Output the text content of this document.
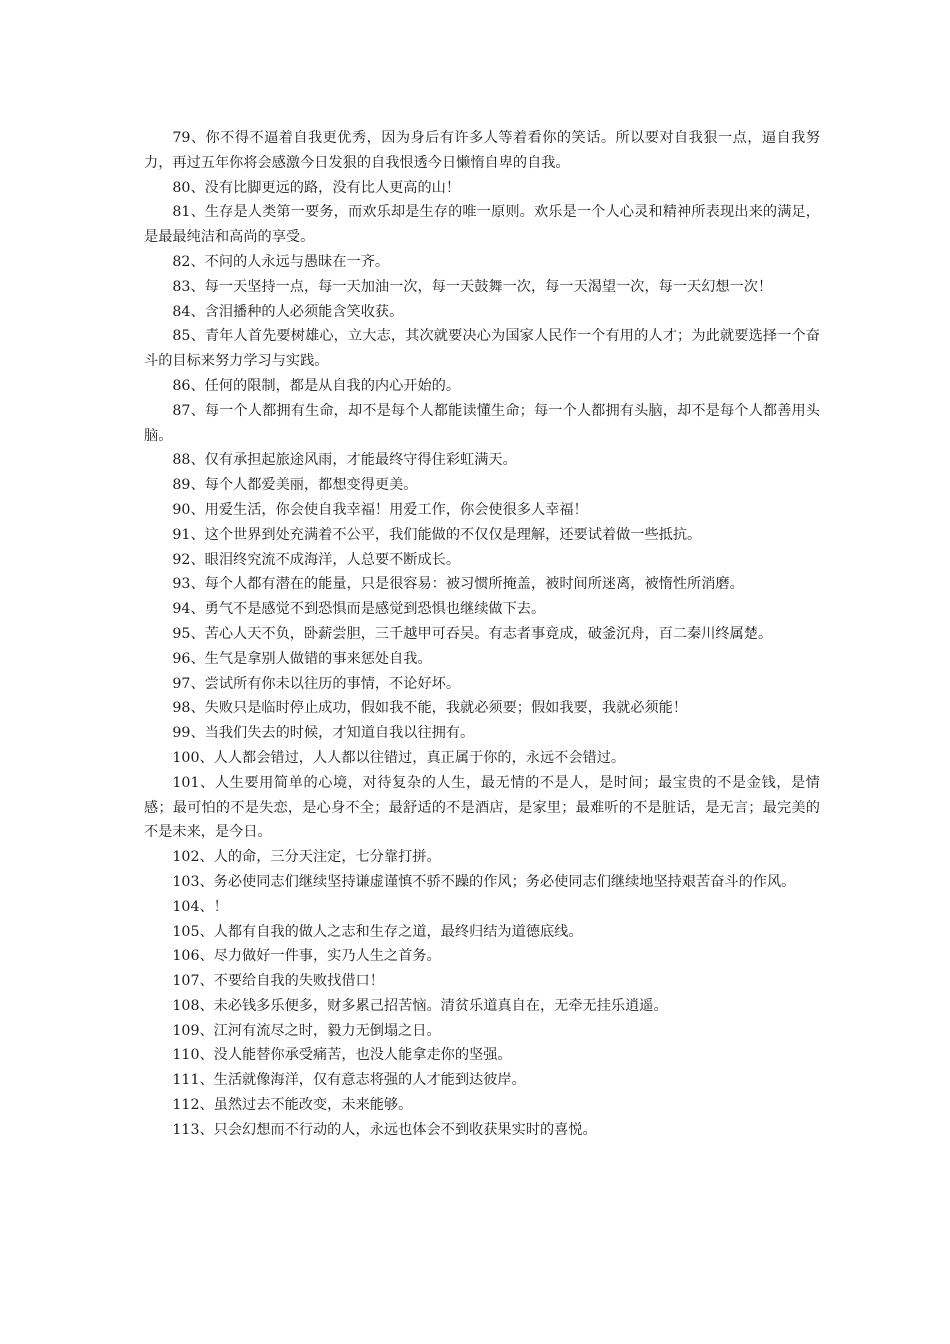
79、你不得不逼着自我更优秀，因为身后有许多人等着看你的笑话。所以要对自我狠一点，逼自我努力，再过五年你将会感激今日发狠的自我恨透今日懒惰自卑的自我。

80、没有比脚更远的路，没有比人更高的山！

81、生存是人类第一要务，而欢乐却是生存的唯一原则。欢乐是一个人心灵和精神所表现出来的满足，是最最纯洁和高尚的享受。

82、不问的人永远与愚昧在一齐。

83、每一天坚持一点，每一天加油一次，每一天鼓舞一次，每一天渴望一次，每一天幻想一次！

84、含泪播种的人必须能含笑收获。

85、青年人首先要树雄心，立大志，其次就要决心为国家人民作一个有用的人才；为此就要选择一个奋斗的目标来努力学习与实践。

86、任何的限制，都是从自我的内心开始的。

87、每一个人都拥有生命，却不是每个人都能读懂生命；每一个人都拥有头脑，却不是每个人都善用头脑。

88、仅有承担起旅途风雨，才能最终守得住彩虹满天。

89、每个人都爱美丽，都想变得更美。

90、用爱生活，你会使自我幸福！用爱工作，你会使很多人幸福！

91、这个世界到处充满着不公平，我们能做的不仅仅是理解，还要试着做一些抵抗。

92、眼泪终究流不成海洋，人总要不断成长。

93、每个人都有潜在的能量，只是很容易：被习惯所掩盖，被时间所迷离，被惰性所消磨。

94、勇气不是感觉不到恐惧而是感觉到恐惧也继续做下去。

95、苦心人天不负，卧薪尝胆，三千越甲可吞吴。有志者事竟成，破釜沉舟，百二秦川终属楚。

96、生气是拿别人做错的事来惩处自我。

97、尝试所有你未以往历的事情，不论好坏。

98、失败只是临时停止成功，假如我不能，我就必须要；假如我要，我就必须能！

99、当我们失去的时候，才知道自我以往拥有。

100、人人都会错过，人人都以往错过，真正属于你的，永远不会错过。

101、人生要用简单的心境，对待复杂的人生，最无情的不是人，是时间；最宝贵的不是金钱，是情感；最可怕的不是失恋，是心身不全；最舒适的不是酒店，是家里；最难听的不是脏话，是无言；最完美的不是未来，是今日。

102、人的命，三分天注定，七分靠打拼。

103、务必使同志们继续坚持谦虚谨慎不骄不躁的作风；务必使同志们继续地坚持艰苦奋斗的作风。

104、！

105、人都有自我的做人之志和生存之道，最终归结为道德底线。

106、尽力做好一件事，实乃人生之首务。

107、不要给自我的失败找借口！

108、未必钱多乐便多，财多累己招苦恼。清贫乐道真自在，无牵无挂乐逍遥。

109、江河有流尽之时，毅力无倒塌之日。

110、没人能替你承受痛苦，也没人能拿走你的坚强。

111、生活就像海洋，仅有意志将强的人才能到达彼岸。

112、虽然过去不能改变，未来能够。

113、只会幻想而不行动的人，永远也体会不到收获果实时的喜悦。
